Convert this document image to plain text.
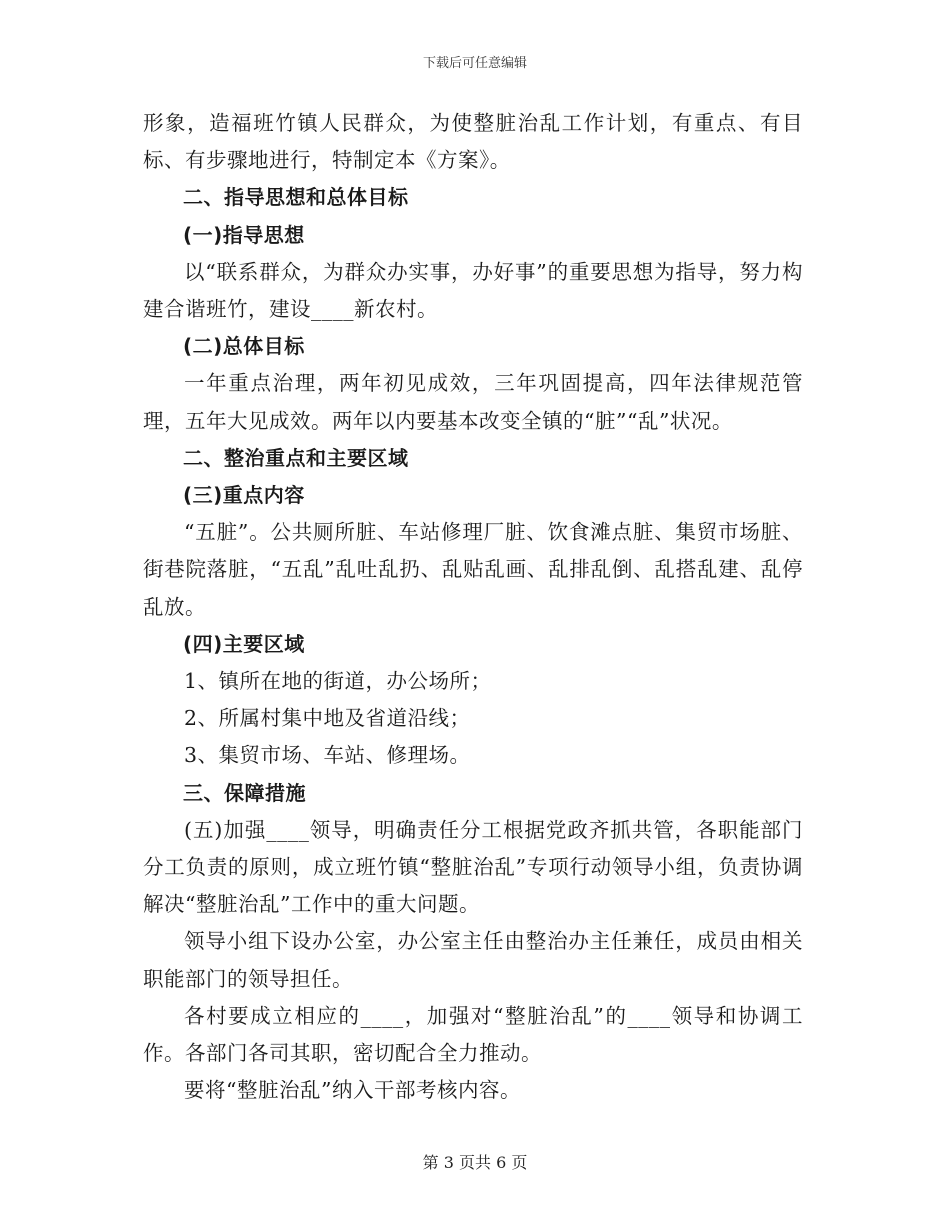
下载后可任意编辑

形象，造福班竹镇人民群众，为使整脏治乱工作计划，有重点、有目标、有步骤地进行，特制定本《方案》。

二、指导思想和总体目标

(一)指导思想

以“联系群众，为群众办实事，办好事”的重要思想为指导，努力构建合谐班竹，建设____新农村。

(二)总体目标

一年重点治理，两年初见成效，三年巩固提高，四年法律规范管理，五年大见成效。两年以内要基本改变全镇的“脏”“乱”状况。

二、整治重点和主要区域

(三)重点内容

“五脏”。公共厕所脏、车站修理厂脏、饮食滩点脏、集贸市场脏、街巷院落脏，“五乱”乱吐乱扔、乱贴乱画、乱排乱倒、乱搭乱建、乱停乱放。

(四)主要区域

1、镇所在地的街道，办公场所；

2、所属村集中地及省道沿线；

3、集贸市场、车站、修理场。

三、保障措施

(五)加强____领导，明确责任分工根据党政齐抓共管，各职能部门分工负责的原则，成立班竹镇“整脏治乱”专项行动领导小组，负责协调解决“整脏治乱”工作中的重大问题。

领导小组下设办公室，办公室主任由整治办主任兼任，成员由相关职能部门的领导担任。

各村要成立相应的____，加强对“整脏治乱”的____领导和协调工作。各部门各司其职，密切配合全力推动。

要将“整脏治乱”纳入干部考核内容。

第 3 页共 6 页
